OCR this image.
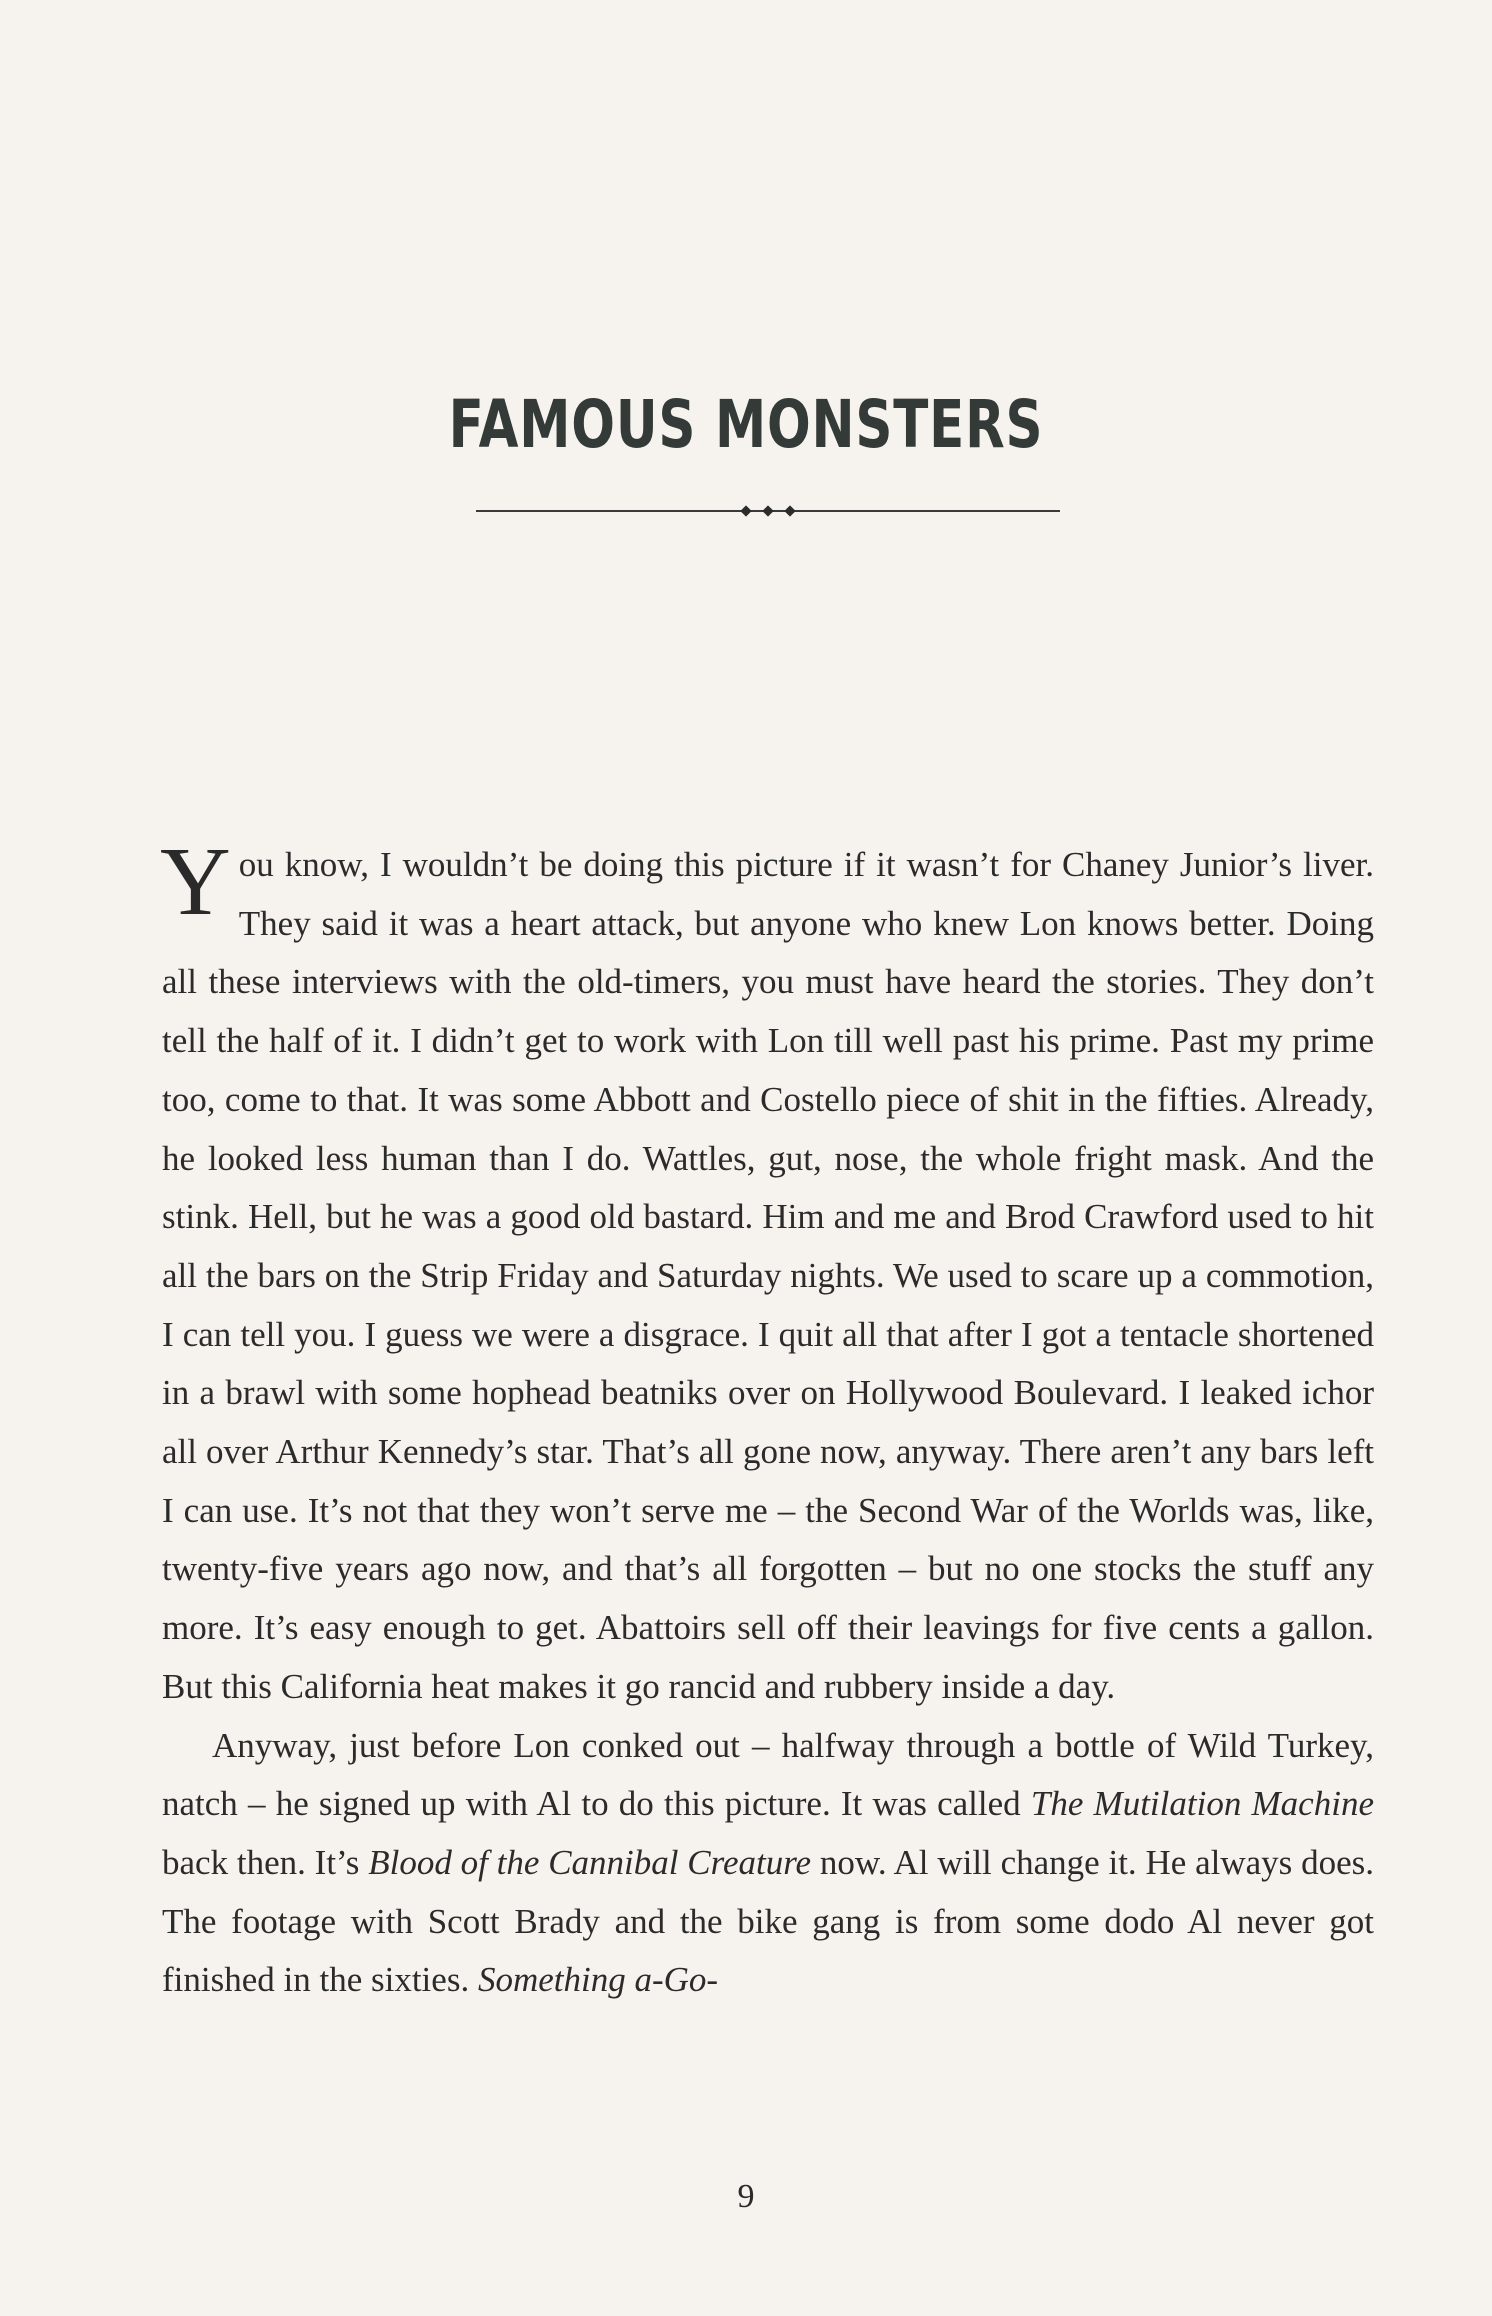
FAMOUS MONSTERS

You know, I wouldn’t be doing this picture if it wasn’t for Chaney Junior’s liver. They said it was a heart attack, but anyone who knew Lon knows better. Doing all these interviews with the old-timers, you must have heard the stories. They don’t tell the half of it. I didn’t get to work with Lon till well past his prime. Past my prime too, come to that. It was some Abbott and Costello piece of shit in the fifties. Already, he looked less human than I do. Wattles, gut, nose, the whole fright mask. And the stink. Hell, but he was a good old bastard. Him and me and Brod Crawford used to hit all the bars on the Strip Friday and Saturday nights. We used to scare up a commotion, I can tell you. I guess we were a disgrace. I quit all that after I got a tentacle shortened in a brawl with some hophead beatniks over on Hollywood Boulevard. I leaked ichor all over Arthur Kennedy’s star. That’s all gone now, anyway. There aren’t any bars left I can use. It’s not that they won’t serve me – the Second War of the Worlds was, like, twenty-five years ago now, and that’s all forgotten – but no one stocks the stuff any more. It’s easy enough to get. Abattoirs sell off their leavings for five cents a gallon. But this California heat makes it go rancid and rubbery inside a day.

Anyway, just before Lon conked out – halfway through a bottle of Wild Turkey, natch – he signed up with Al to do this picture. It was called The Mutilation Machine back then. It’s Blood of the Cannibal Creature now. Al will change it. He always does. The footage with Scott Brady and the bike gang is from some dodo Al never got finished in the sixties. Something a-Go-

9
